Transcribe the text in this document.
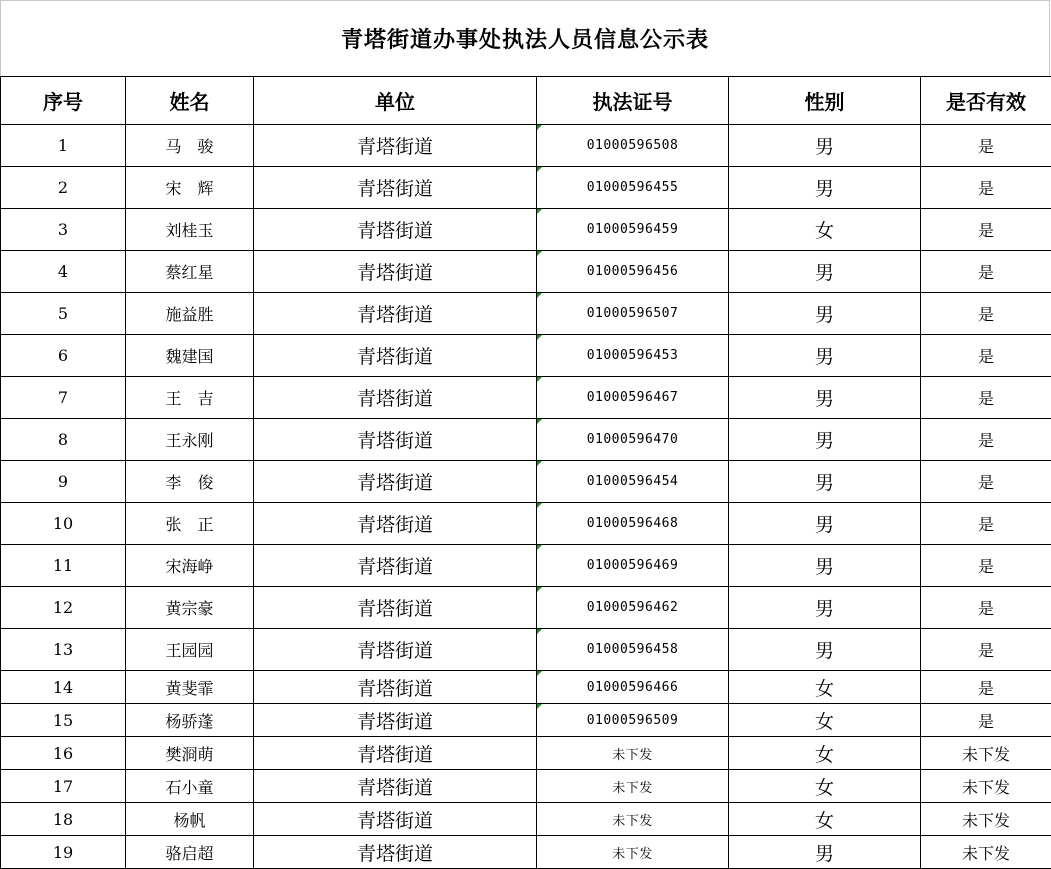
青塔街道办事处执法人员信息公示表
序号	姓名	单位	执法证号	性别	是否有效
1	马　骏	青塔街道	01000596508	男	是
2	宋　辉	青塔街道	01000596455	男	是
3	刘桂玉	青塔街道	01000596459	女	是
4	蔡红星	青塔街道	01000596456	男	是
5	施益胜	青塔街道	01000596507	男	是
6	魏建国	青塔街道	01000596453	男	是
7	王　吉	青塔街道	01000596467	男	是
8	王永刚	青塔街道	01000596470	男	是
9	李　俊	青塔街道	01000596454	男	是
10	张　正	青塔街道	01000596468	男	是
11	宋海峥	青塔街道	01000596469	男	是
12	黄宗豪	青塔街道	01000596462	男	是
13	王园园	青塔街道	01000596458	男	是
14	黄斐霏	青塔街道	01000596466	女	是
15	杨骄蓬	青塔街道	01000596509	女	是
16	樊浻萌	青塔街道	未下发	女	未下发
17	石小童	青塔街道	未下发	女	未下发
18	杨帆	青塔街道	未下发	女	未下发
19	骆启超	青塔街道	未下发	男	未下发
